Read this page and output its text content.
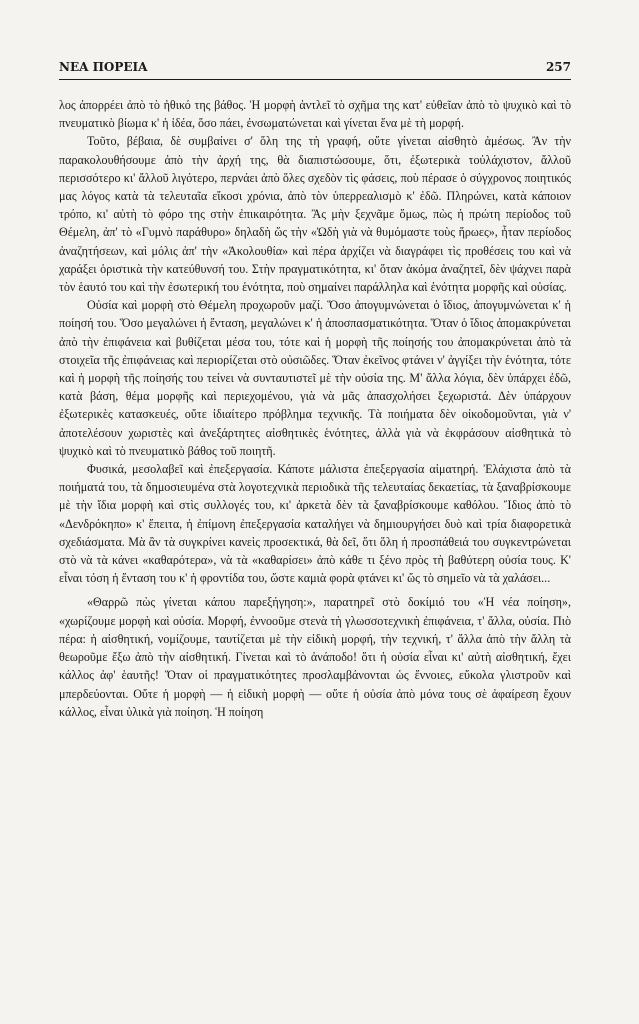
ΝΕΑ ΠΟΡΕΙΑ	257

λος ἀπορρέει ἀπὸ τὸ ἠθικό της βάθος. Ἡ μορφὴ ἀντλεῖ τὸ σχῆμα της κατ' εὐθεῖαν ἀπὸ τὸ ψυχικὸ καὶ τὸ πνευματικὸ βίωμα κ' ἡ ἰδέα, ὅσο πάει, ἐνσωματώνεται καὶ γίνεται ἕνα μὲ τὴ μορφή.

Τοῦτο, βέβαια, δὲ συμβαίνει σ' ὅλη της τὴ γραφή, οὔτε γίνεται αἰσθητὸ ἀμέσως. Ἂν τὴν παρακολουθήσουμε ἀπὸ τὴν ἀρχή της, θὰ διαπιστώσουμε, ὅτι, ἐξωτερικὰ τοὐλάχιστον, ἄλλοῦ περισσότερο κι' ἄλλοῦ λιγότερο, περνάει ἀπὸ ὅλες σχεδὸν τὶς φάσεις, ποὺ πέρασε ὁ σύγχρονος ποιητικός μας λόγος κατὰ τὰ τελευταῖα εἴκοσι χρόνια, ἀπὸ τὸν ὑπερρεαλισμὸ κ' ἐδῶ. Πληρώνει, κατὰ κάποιον τρόπο, κι' αὐτὴ τὸ φόρο της στὴν ἐπικαιρότητα. Ἂς μὴν ξεχνᾶμε ὅμως, πὼς ἡ πρώτη περίοδος τοῦ Θέμελη, ἀπ' τὸ «Γυμνὸ παράθυρο» δηλαδὴ ὥς τὴν «Ὠδὴ γιὰ νὰ θυμόμαστε τοὺς ἥρωες», ἦταν περίοδος ἀναζητήσεων, καὶ μόλις ἀπ' τὴν «Ἀκολουθία» καὶ πέρα ἀρχίζει νὰ διαγράφει τὶς προθέσεις του καὶ νὰ χαράξει ὁριστικὰ τὴν κατεύθυνσή του. Στὴν πραγματικότητα, κι' ὅταν ἀκόμα ἀναζητεῖ, δὲν ψάχνει παρὰ τὸν ἑαυτό του καὶ τὴν ἐσωτερική του ἑνότητα, ποὺ σημαίνει παράλληλα καὶ ἑνότητα μορφῆς καὶ οὐσίας.

Οὐσία καὶ μορφὴ στὸ Θέμελη προχωροῦν μαζί. Ὅσο ἀπογυμνώνεται ὁ ἴδιος, ἀπογυμνώνεται κ' ἡ ποίησή του. Ὅσο μεγαλώνει ἡ ἔνταση, μεγαλώνει κ' ἡ ἀποσπασματικότητα. Ὅταν ὁ ἴδιος ἀπομακρύνεται ἀπὸ τὴν ἐπιφάνεια καὶ βυθίζεται μέσα του, τότε καὶ ἡ μορφὴ τῆς ποίησής του ἀπομακρύνεται ἀπὸ τὰ στοιχεῖα τῆς ἐπιφάνειας καὶ περιορίζεται στὸ οὐσιῶδες. Ὅταν ἐκεῖνος φτάνει ν' ἀγγίξει τὴν ἑνότητα, τότε καὶ ἡ μορφὴ τῆς ποίησής του τείνει νὰ συνταυτιστεῖ μὲ τὴν οὐσία της. Μ' ἄλλα λόγια, δὲν ὑπάρχει ἐδῶ, κατὰ βάση, θέμα μορφῆς καὶ περιεχομένου, γιὰ νὰ μᾶς ἀπασχολήσει ξεχωριστά. Δὲν ὑπάρχουν ἐξωτερικὲς κατασκευές, οὔτε ἰδιαίτερο πρόβλημα τεχνικῆς. Τὰ ποιήματα δὲν οἰκοδομοῦνται, γιὰ ν' ἀποτελέσουν χωριστὲς καὶ ἀνεξάρτητες αἰσθητικὲς ἑνότητες, ἀλλὰ γιὰ νὰ ἐκφράσουν αἰσθητικὰ τὸ ψυχικὸ καὶ τὸ πνευματικὸ βάθος τοῦ ποιητῆ.

Φυσικά, μεσολαβεῖ καὶ ἐπεξεργασία. Κάποτε μάλιστα ἐπεξεργασία αἱματηρή. Ἐλάχιστα ἀπὸ τὰ ποιήματά του, τὰ δημοσιευμένα στὰ λογοτεχνικὰ περιοδικὰ τῆς τελευταίας δεκαετίας, τὰ ξαναβρίσκουμε μὲ τὴν ἴδια μορφὴ καὶ στὶς συλλογές του, κι' ἀρκετὰ δὲν τὰ ξαναβρίσκουμε καθόλου. Ἴδιος ἀπὸ τὸ «Δενδρόκηπο» κ' ἔπειτα, ἡ ἐπίμονη ἐπεξεργασία καταλήγει νὰ δημιουργήσει δυὸ καὶ τρία διαφορετικὰ σχεδιάσματα. Μὰ ἂν τὰ συγκρίνει κανεὶς προσεκτικά, θὰ δεῖ, ὅτι ὅλη ἡ προσπάθειά του συγκεντρώνεται στὸ νὰ τὰ κάνει «καθαρότερα», νὰ τὰ «καθαρίσει» ἀπὸ κάθε τι ξένο πρὸς τὴ βαθύτερη οὐσία τους. Κ' εἶναι τόση ἡ ἔνταση του κ' ἡ φροντίδα του, ὥστε καμιὰ φορὰ φτάνει κι' ὥς τὸ σημεῖο νὰ τὰ χαλάσει...

«Θαρρῶ πὼς γίνεται κάπου παρεξήγηση:», παρατηρεῖ στὸ δοκίμιό του «Ἡ νέα ποίηση», «χωρίζουμε μορφὴ καὶ οὐσία. Μορφή, ἐννοοῦμε στενὰ τὴ γλωσσοτεχνικὴ ἐπιφάνεια, τ' ἄλλα, οὐσία. Πιὸ πέρα: ἡ αἰσθητική, νομίζουμε, ταυτίζεται μὲ τὴν εἰδικὴ μορφή, τὴν τεχνική, τ' ἄλλα ἀπὸ τὴν ἄλλη τὰ θεωροῦμε ἔξω ἀπὸ τὴν αἰσθητική. Γίνεται καὶ τὸ ἀνάποδο! ὅτι ἡ οὐσία εἶναι κι' αὐτὴ αἰσθητική, ἔχει κάλλος ἀφ' ἑαυτῆς! Ὅταν οἱ πραγματικότητες προσλαμβάνονται ὡς ἔννοιες, εὔκολα γλιστροῦν καὶ μπερδεύονται. Οὔτε ἡ μορφὴ — ἡ εἰδικὴ μορφὴ — οὔτε ἡ οὐσία ἀπὸ μόνα τους σὲ ἀφαίρεση ἔχουν κάλλος, εἶναι ὑλικὰ γιὰ ποίηση. Ἡ ποίηση
